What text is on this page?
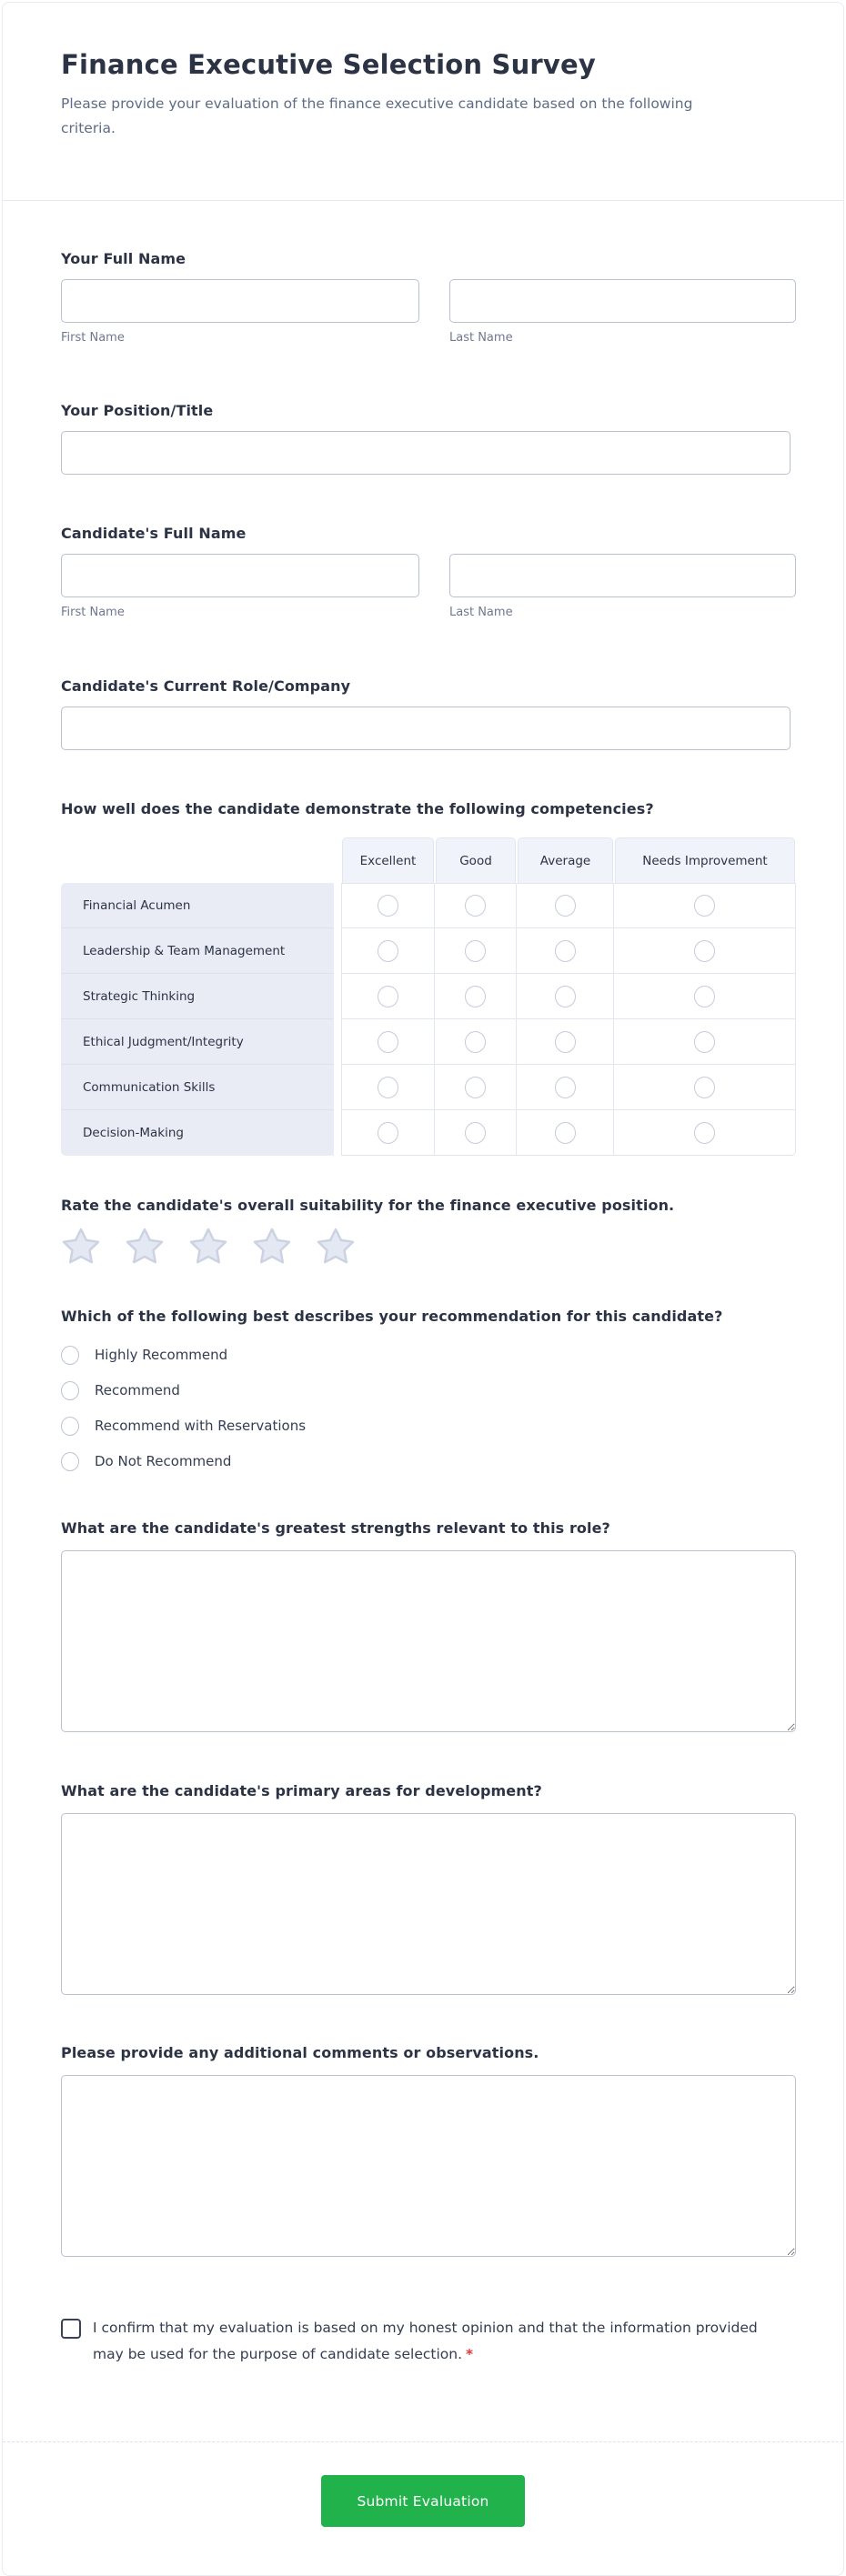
Finance Executive Selection Survey

Please provide your evaluation of the finance executive candidate based on the following criteria.

Your Full Name
First Name	Last Name
Your Position/Title
Candidate's Full Name
First Name	Last Name
Candidate's Current Role/Company
How well does the candidate demonstrate the following competencies?
Excellent	Good	Average	Needs Improvement
Financial Acumen
Leadership & Team Management
Strategic Thinking
Ethical Judgment/Integrity
Communication Skills
Decision-Making
Rate the candidate's overall suitability for the finance executive position.
Which of the following best describes your recommendation for this candidate?
Highly Recommend
Recommend
Recommend with Reservations
Do Not Recommend
What are the candidate's greatest strengths relevant to this role?
What are the candidate's primary areas for development?
Please provide any additional comments or observations.

I confirm that my evaluation is based on my honest opinion and that the information provided may be used for the purpose of candidate selection. *

Submit Evaluation
